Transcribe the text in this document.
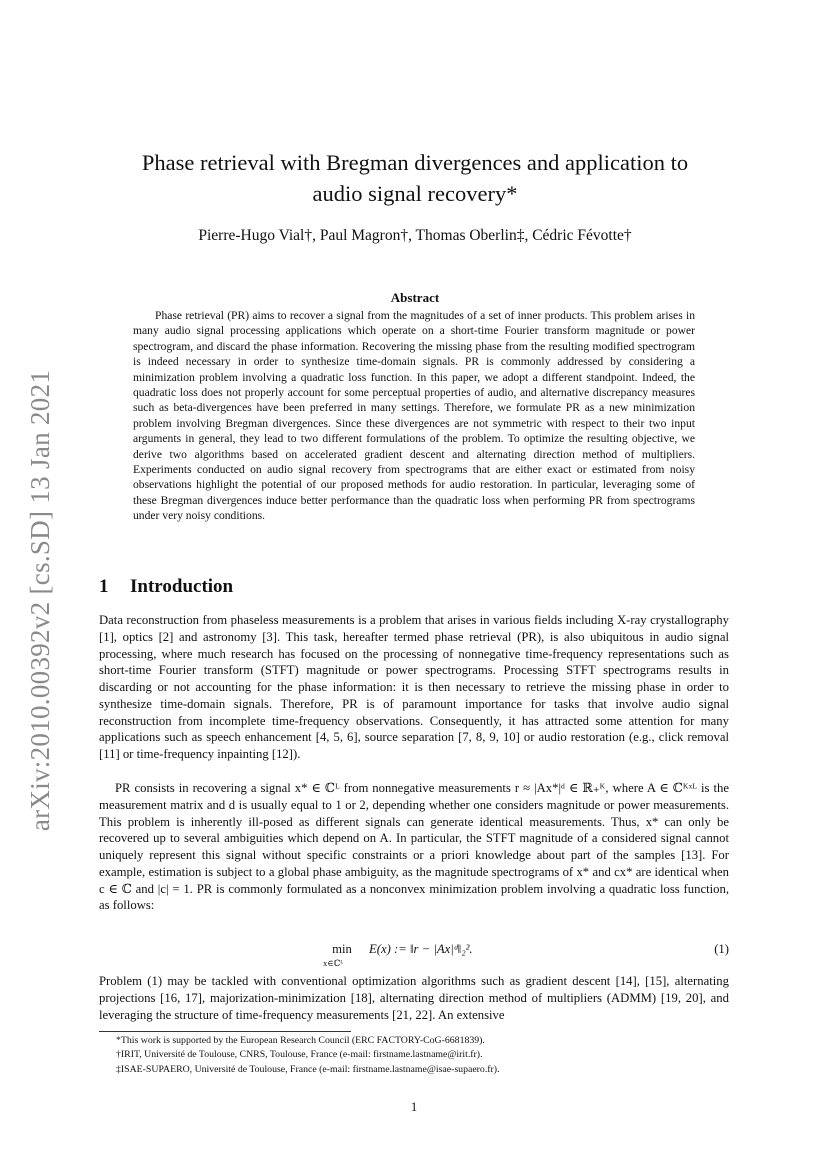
arXiv:2010.00392v2 [cs.SD] 13 Jan 2021
Phase retrieval with Bregman divergences and application to
audio signal recovery*
Pierre-Hugo Vial†, Paul Magron†, Thomas Oberlin‡, Cédric Févotte†
Abstract

Phase retrieval (PR) aims to recover a signal from the magnitudes of a set of inner products. This problem arises in many audio signal processing applications which operate on a short-time Fourier transform magnitude or power spectrogram, and discard the phase information. Recovering the missing phase from the resulting modified spectrogram is indeed necessary in order to synthesize time-domain signals. PR is commonly addressed by considering a minimization problem involving a quadratic loss function. In this paper, we adopt a different standpoint. Indeed, the quadratic loss does not properly account for some perceptual properties of audio, and alternative discrepancy measures such as beta-divergences have been preferred in many settings. Therefore, we formulate PR as a new minimization problem involving Bregman divergences. Since these divergences are not symmetric with respect to their two input arguments in general, they lead to two different formulations of the problem. To optimize the resulting objective, we derive two algorithms based on accelerated gradient descent and alternating direction method of multipliers. Experiments conducted on audio signal recovery from spectrograms that are either exact or estimated from noisy observations highlight the potential of our proposed methods for audio restoration. In particular, leveraging some of these Bregman divergences induce better performance than the quadratic loss when performing PR from spectrograms under very noisy conditions.

1 Introduction

Data reconstruction from phaseless measurements is a problem that arises in various fields including X-ray crystallography [1], optics [2] and astronomy [3]. This task, hereafter termed phase retrieval (PR), is also ubiquitous in audio signal processing, where much research has focused on the processing of nonnegative time-frequency representations such as short-time Fourier transform (STFT) magnitude or power spectrograms. Processing STFT spectrograms results in discarding or not accounting for the phase information: it is then necessary to retrieve the missing phase in order to synthesize time-domain signals. Therefore, PR is of paramount importance for tasks that involve audio signal reconstruction from incomplete time-frequency observations. Consequently, it has attracted some attention for many applications such as speech enhancement [4, 5, 6], source separation [7, 8, 9, 10] or audio restoration (e.g., click removal [11] or time-frequency inpainting [12]).

PR consists in recovering a signal x* ∈ ℂᴸ from nonnegative measurements r ≈ |Ax*|ᵈ ∈ ℝ₊ᴷ, where A ∈ ℂᴷˣᴸ is the measurement matrix and d is usually equal to 1 or 2, depending whether one considers magnitude or power measurements. This problem is inherently ill-posed as different signals can generate identical measurements. Thus, x* can only be recovered up to several ambiguities which depend on A. In particular, the STFT magnitude of a considered signal cannot uniquely represent this signal without specific constraints or a priori knowledge about part of the samples [13]. For example, estimation is subject to a global phase ambiguity, as the magnitude spectrograms of x* and cx* are identical when c ∈ ℂ and |c| = 1. PR is commonly formulated as a nonconvex minimization problem involving a quadratic loss function, as follows:

min
x∈ℂᴸ
E(x) := ‖r − |Ax|ᵈ‖₂².	(1)

Problem (1) may be tackled with conventional optimization algorithms such as gradient descent [14], [15], alternating projections [16, 17], majorization-minimization [18], alternating direction method of multipliers (ADMM) [19, 20], and leveraging the structure of time-frequency measurements [21, 22]. An extensive

*This work is supported by the European Research Council (ERC FACTORY-CoG-6681839).
†IRIT, Université de Toulouse, CNRS, Toulouse, France (e-mail: firstname.lastname@irit.fr).
‡ISAE-SUPAERO, Université de Toulouse, France (e-mail: firstname.lastname@isae-supaero.fr).
1
